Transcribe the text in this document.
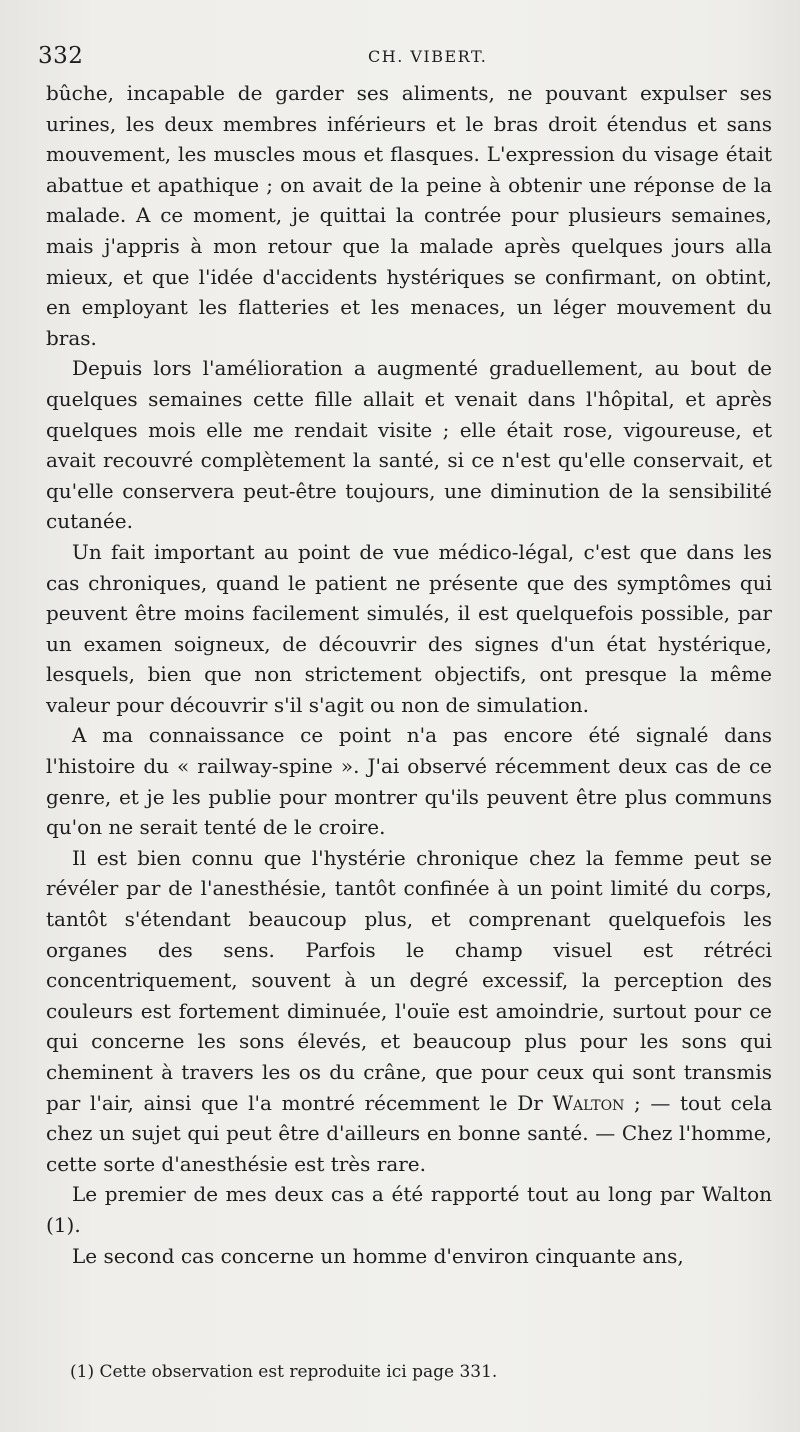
332	CH. VIBERT.

bûche, incapable de garder ses aliments, ne pouvant expulser ses urines, les deux membres inférieurs et le bras droit étendus et sans mouvement, les muscles mous et flasques. L'expression du visage était abattue et apathique ; on avait de la peine à obtenir une réponse de la malade. A ce moment, je quittai la contrée pour plusieurs semaines, mais j'appris à mon retour que la malade après quelques jours alla mieux, et que l'idée d'accidents hystériques se confirmant, on obtint, en employant les flatteries et les menaces, un léger mouvement du bras.

Depuis lors l'amélioration a augmenté graduellement, au bout de quelques semaines cette fille allait et venait dans l'hôpital, et après quelques mois elle me rendait visite ; elle était rose, vigoureuse, et avait recouvré complètement la santé, si ce n'est qu'elle conservait, et qu'elle conservera peut-être toujours, une diminution de la sensibilité cutanée.

Un fait important au point de vue médico-légal, c'est que dans les cas chroniques, quand le patient ne présente que des symptômes qui peuvent être moins facilement simulés, il est quelquefois possible, par un examen soigneux, de découvrir des signes d'un état hystérique, lesquels, bien que non strictement objectifs, ont presque la même valeur pour découvrir s'il s'agit ou non de simulation.

A ma connaissance ce point n'a pas encore été signalé dans l'histoire du « railway-spine ». J'ai observé récemment deux cas de ce genre, et je les publie pour montrer qu'ils peuvent être plus communs qu'on ne serait tenté de le croire.

Il est bien connu que l'hystérie chronique chez la femme peut se révéler par de l'anesthésie, tantôt confinée à un point limité du corps, tantôt s'étendant beaucoup plus, et comprenant quelquefois les organes des sens. Parfois le champ visuel est rétréci concentriquement, souvent à un degré excessif, la perception des couleurs est fortement diminuée, l'ouïe est amoindrie, surtout pour ce qui concerne les sons élevés, et beaucoup plus pour les sons qui cheminent à travers les os du crâne, que pour ceux qui sont transmis par l'air, ainsi que l'a montré récemment le Dr Walton ; — tout cela chez un sujet qui peut être d'ailleurs en bonne santé. — Chez l'homme, cette sorte d'anesthésie est très rare.

Le premier de mes deux cas a été rapporté tout au long par Walton (1).

Le second cas concerne un homme d'environ cinquante ans,

(1) Cette observation est reproduite ici page 331.
